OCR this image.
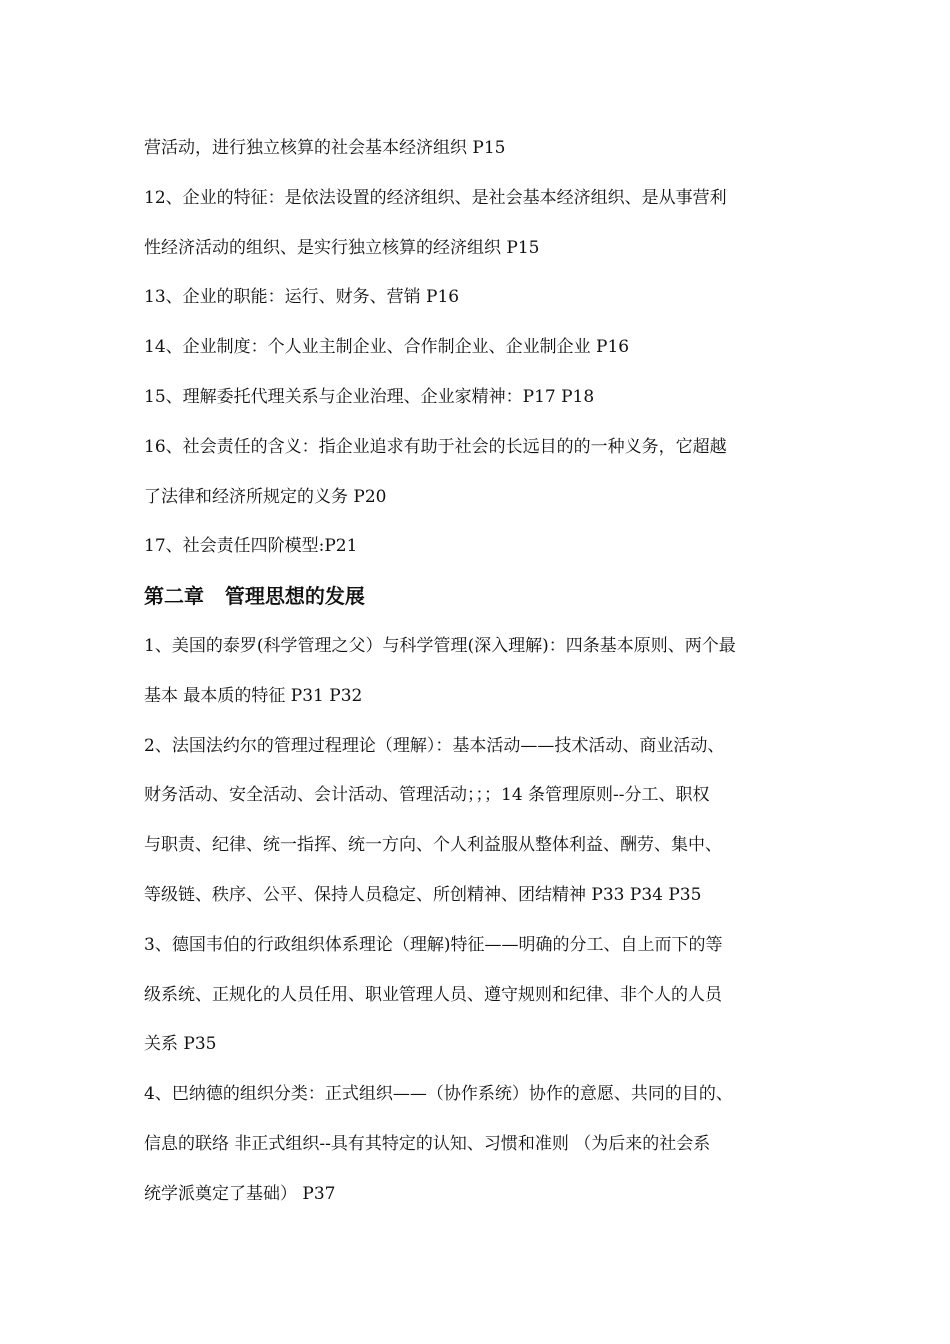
营活动，进行独立核算的社会基本经济组织 P15
12、企业的特征：是依法设置的经济组织、是社会基本经济组织、是从事营利
性经济活动的组织、是实行独立核算的经济组织 P15
13、企业的职能：运行、财务、营销 P16
14、企业制度：个人业主制企业、合作制企业、企业制企业 P16
15、理解委托代理关系与企业治理、企业家精神：P17 P18
16、社会责任的含义：指企业追求有助于社会的长远目的的一种义务，它超越
了法律和经济所规定的义务 P20
17、社会责任四阶模型:P21
第二章   管理思想的发展
1、美国的泰罗(科学管理之父）与科学管理(深入理解)：四条基本原则、两个最
基本 最本质的特征 P31 P32
2、法国法约尔的管理过程理论（理解）：基本活动——技术活动、商业活动、
财务活动、安全活动、会计活动、管理活动；；；14 条管理原则--分工、职权
与职责、纪律、统一指挥、统一方向、个人利益服从整体利益、酬劳、集中、
等级链、秩序、公平、保持人员稳定、所创精神、团结精神 P33 P34 P35
3、德国韦伯的行政组织体系理论（理解)特征——明确的分工、自上而下的等
级系统、正规化的人员任用、职业管理人员、遵守规则和纪律、非个人的人员
关系 P35
4、巴纳德的组织分类：正式组织——（协作系统）协作的意愿、共同的目的、
信息的联络 非正式组织--具有其特定的认知、习惯和准则 （为后来的社会系
统学派奠定了基础） P37
